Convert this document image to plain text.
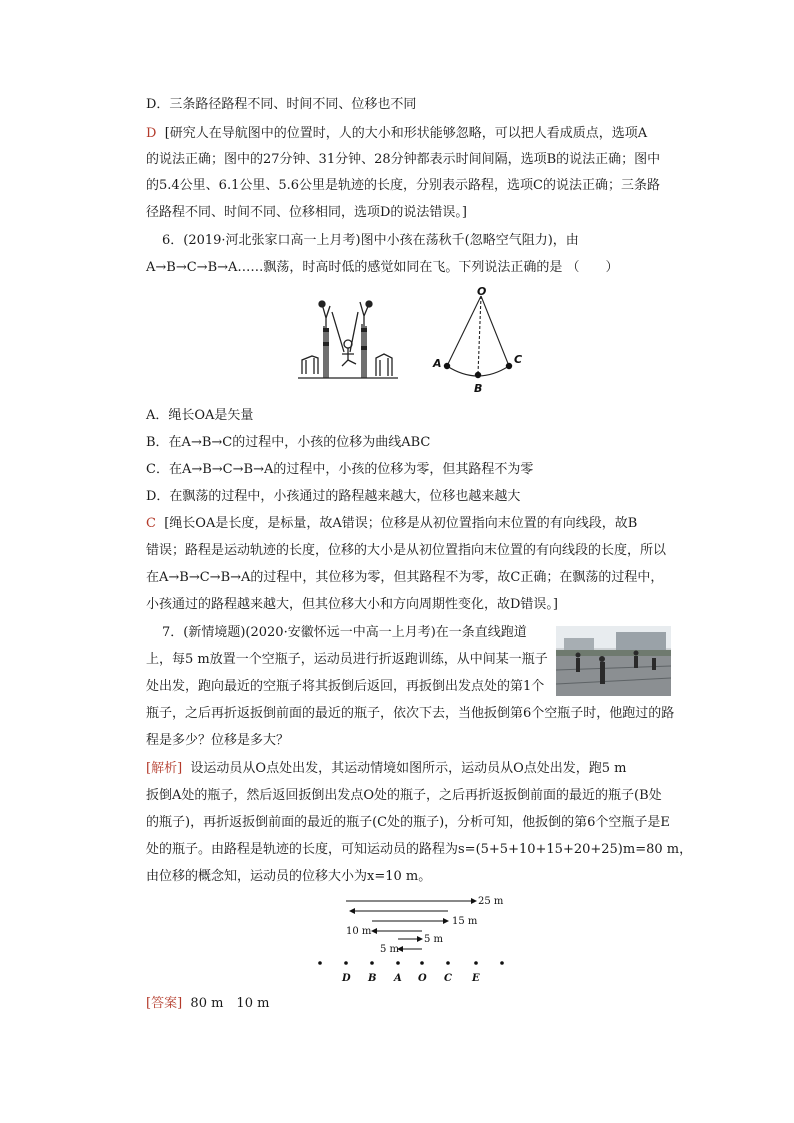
D．三条路径路程不同、时间不同、位移也不同
D [研究人在导航图中的位置时，人的大小和形状能够忽略，可以把人看成质点，选项A
的说法正确；图中的27分钟、31分钟、28分钟都表示时间间隔，选项B的说法正确；图中
的5.4公里、6.1公里、5.6公里是轨迹的长度，分别表示路程，选项C的说法正确；三条路
径路程不同、时间不同、位移相同，选项D的说法错误。]
6．(2019·河北张家口高一上月考)图中小孩在荡秋千(忽略空气阻力)，由
A→B→C→B→A……飘荡，时高时低的感觉如同在飞。下列说法正确的是 （　　）
O
A
B
C
A．绳长OA是矢量
B．在A→B→C的过程中，小孩的位移为曲线ABC
C．在A→B→C→B→A的过程中，小孩的位移为零，但其路程不为零
D．在飘荡的过程中，小孩通过的路程越来越大，位移也越来越大
C [绳长OA是长度，是标量，故A错误；位移是从初位置指向末位置的有向线段，故B
错误；路程是运动轨迹的长度，位移的大小是从初位置指向末位置的有向线段的长度，所以
在A→B→C→B→A的过程中，其位移为零，但其路程不为零，故C正确；在飘荡的过程中，
小孩通过的路程越来越大，但其位移大小和方向周期性变化，故D错误。]
7．(新情境题)(2020·安徽怀远一中高一上月考)在一条直线跑道
上，每5 m放置一个空瓶子，运动员进行折返跑训练，从中间某一瓶子
处出发，跑向最近的空瓶子将其扳倒后返回，再扳倒出发点处的第1个
瓶子，之后再折返扳倒前面的最近的瓶子，依次下去，当他扳倒第6个空瓶子时，他跑过的路
程是多少？位移是多大？
[解析] 设运动员从O点处出发，其运动情境如图所示，运动员从O点处出发，跑5 m
扳倒A处的瓶子，然后返回扳倒出发点O处的瓶子，之后再折返扳倒前面的最近的瓶子(B处
的瓶子)，再折返扳倒前面的最近的瓶子(C处的瓶子)，分析可知，他扳倒的第6个空瓶子是E
处的瓶子。由路程是轨迹的长度，可知运动员的路程为s=(5+5+10+15+20+25)m=80 m，
由位移的概念知，运动员的位移大小为x=10 m。
25 m
15 m
10 m
5 m
5 m
D B A O C E
[答案] 80 m　10 m
